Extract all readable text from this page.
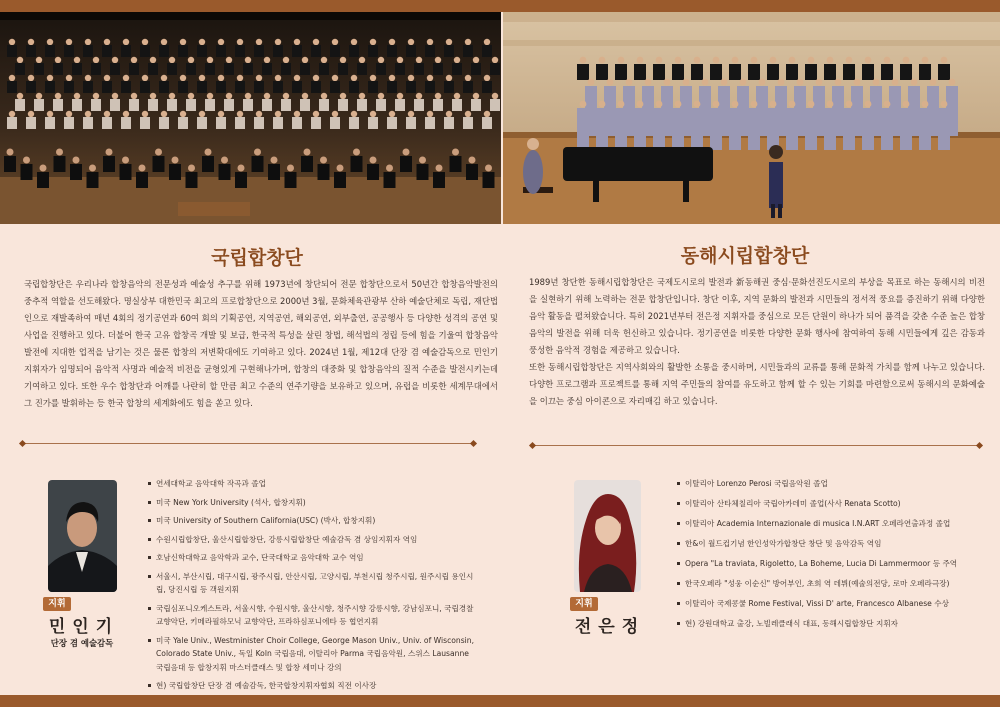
국립합창단

국립합창단은 우리나라 합창음악의 전문성과 예술성 추구를 위해 1973년에 창단되어 전문 합창단으로서 50년간 합창음악발전의 중추적 역할을 선도해왔다. 명실상부 대한민국 최고의 프로합창단으로 2000년 3월, 문화체육관광부 산하 예술단체로 독립, 재단법인으로 재발족하여 매년 4회의 정기공연과 60여 회의 기획공연, 지역공연, 해외공연, 외부출연, 공공행사 등 다양한 성격의 공연 및 사업을 진행하고 있다. 더불어 한국 고유 합창곡 개발 및 보급, 한국적 특성을 살린 창법, 해석법의 정립 등에 힘을 기울여 합창음악 발전에 지대한 업적을 남기는 것은 물론 합창의 저변확대에도 기여하고 있다. 2024년 1월, 제12대 단장 겸 예술감독으로 민인기 지휘자가 임명되어 음악적 사명과 예술적 비전을 균형있게 구현해나가며, 합창의 대중화 및 합창음악의 질적 수준을 발전시키는데 기여하고 있다. 또한 우수 합창단과 어깨를 나란히 할 만큼 최고 수준의 연주기량을 보유하고 있으며, 유럽을 비롯한 세계무대에서 그 진가를 발휘하는 등 한국 합창의 세계화에도 힘을 쏟고 있다.

동해시립합창단

1989년 창단한 동해시립합창단은 국제도시로의 발전과 新동해권 중심·문화선진도시로의 부상을 목표로 하는 동해시의 비전을 실현하기 위해 노력하는 전문 합창단입니다. 창단 이후, 지역 문화의 발전과 시민들의 정서적 풍요를 증진하기 위해 다양한 음악 활동을 펼쳐왔습니다. 특히 2021년부터 전은정 지휘자를 중심으로 모든 단원이 하나가 되어 품격을 갖춘 수준 높은 합창 음악의 발전을 위해 더욱 헌신하고 있습니다. 정기공연을 비롯한 다양한 문화 행사에 참여하여 동해 시민들에게 깊은 감동과 풍성한 음악적 경험을 제공하고 있습니다.

또한 동해시립합창단은 지역사회와의 활발한 소통을 중시하며, 시민들과의 교류를 통해 문화적 가치를 함께 나누고 있습니다. 다양한 프로그램과 프로젝트를 통해 지역 주민들의 참여를 유도하고 함께 할 수 있는 기회를 마련함으로써 동해시의 문화예술을 이끄는 중심 아이콘으로 자리매김 하고 있습니다.

지휘
민인기
단장 겸 예술감독
연세대학교 음악대학 작곡과 졸업
미국 New York University (석사, 합창지휘)
미국 University of Southern California(USC) (박사, 합창지휘)
수원시립합창단, 울산시립합창단, 강릉시립합창단 예술감독 겸 상임지휘자 역임
호남신학대학교 음악학과 교수, 단국대학교 음악대학 교수 역임
서울시, 부산시립, 대구시립, 광주시립, 안산시립, 고양시립, 부천시립 청주시립, 원주시립 용인시립, 당진시립 등 객원지휘
국립심포니오케스트라, 서울시향, 수원시향, 울산시향, 청주시향 강릉시향, 강남심포니, 국립경찰교향악단, 키메라필하모닉 교향악단, 프라하심포니에타 등 협연지휘
미국 Yale Univ., Westminister Choir College, George Mason Univ., Univ. of Wisconsin, Colorado State Univ., 독일 Koln 국립음대, 이탈리아 Parma 국립음악원, 스위스 Lausanne 국립음대 등 합창지휘 마스터클래스 및 합창 세미나 강의
현) 국립합창단 단장 겸 예술감독, 한국합창지휘자협회 직전 이사장
지휘
전은정
이탈리아 Lorenzo Perosi 국립음악원 졸업
이탈리아 산타체칠리아 국립아카데미 졸업(사사 Renata Scotto)
이탈리아 Academia Internazionale di musica I.N.ART 오페라연출과정 졸업
한&이 월드컵기념 한인성악가합창단 창단 및 음악감독 역임
Opera "La traviata, Rigoletto, La Boheme, Lucia Di Lammermoor 등 주역
한국오페라 "성웅 이순신" 방어부인, 초희 역 데뷔(예술의전당, 로마 오페라극장)
이탈리아 국제콩쿨 Rome Festival, Vissi D' arte, Francesco Albanese 수상
현) 강원대학교 출강, 노빌레클래식 대표, 동해시립합창단 지휘자
